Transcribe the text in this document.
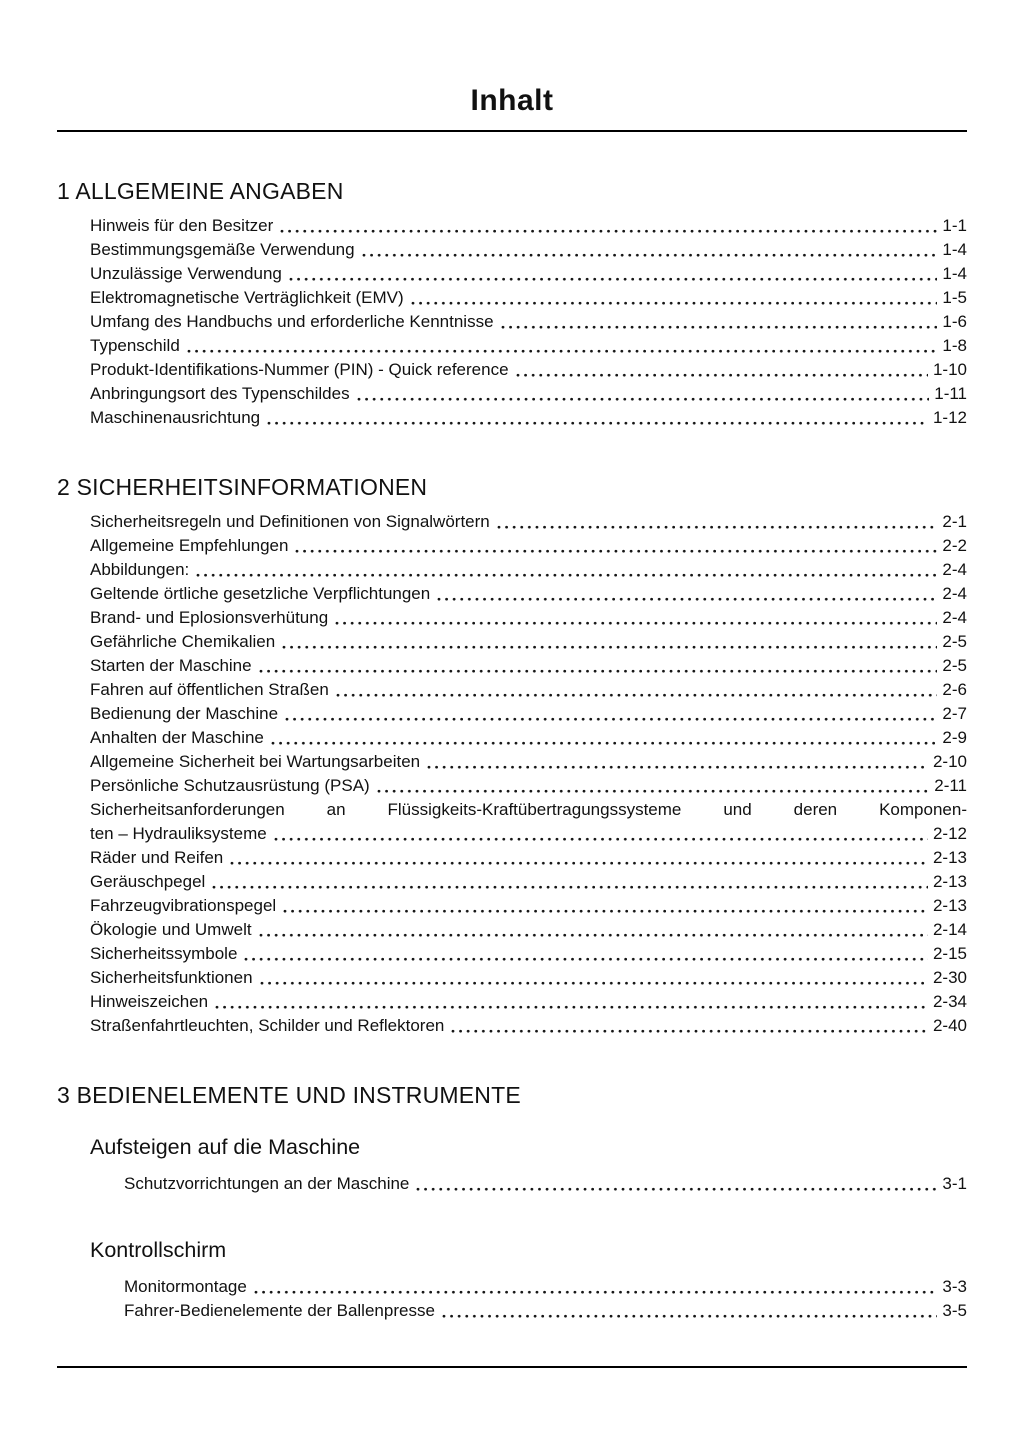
Inhalt
1 ALLGEMEINE ANGABEN
Hinweis für den Besitzer	1-1
Bestimmungsgemäße Verwendung	1-4
Unzulässige Verwendung	1-4
Elektromagnetische Verträglichkeit (EMV)	1-5
Umfang des Handbuchs und erforderliche Kenntnisse	1-6
Typenschild	1-8
Produkt-Identifikations-Nummer (PIN) - Quick reference	1-10
Anbringungsort des Typenschildes	1-11
Maschinenausrichtung	1-12
2 SICHERHEITSINFORMATIONEN
Sicherheitsregeln und Definitionen von Signalwörtern	2-1
Allgemeine Empfehlungen	2-2
Abbildungen:	2-4
Geltende örtliche gesetzliche Verpflichtungen	2-4
Brand- und Eplosionsverhütung	2-4
Gefährliche Chemikalien	2-5
Starten der Maschine	2-5
Fahren auf öffentlichen Straßen	2-6
Bedienung der Maschine	2-7
Anhalten der Maschine	2-9
Allgemeine Sicherheit bei Wartungsarbeiten	2-10
Persönliche Schutzausrüstung (PSA)	2-11
Sicherheitsanforderungen an Flüssigkeits-Kraftübertragungssysteme und deren Komponen-
ten – Hydrauliksysteme	2-12
Räder und Reifen	2-13
Geräuschpegel	2-13
Fahrzeugvibrationspegel	2-13
Ökologie und Umwelt	2-14
Sicherheitssymbole	2-15
Sicherheitsfunktionen	2-30
Hinweiszeichen	2-34
Straßenfahrtleuchten, Schilder und Reflektoren	2-40
3 BEDIENELEMENTE UND INSTRUMENTE
Aufsteigen auf die Maschine
Schutzvorrichtungen an der Maschine	3-1
Kontrollschirm
Monitormontage	3-3
Fahrer-Bedienelemente der Ballenpresse	3-5
